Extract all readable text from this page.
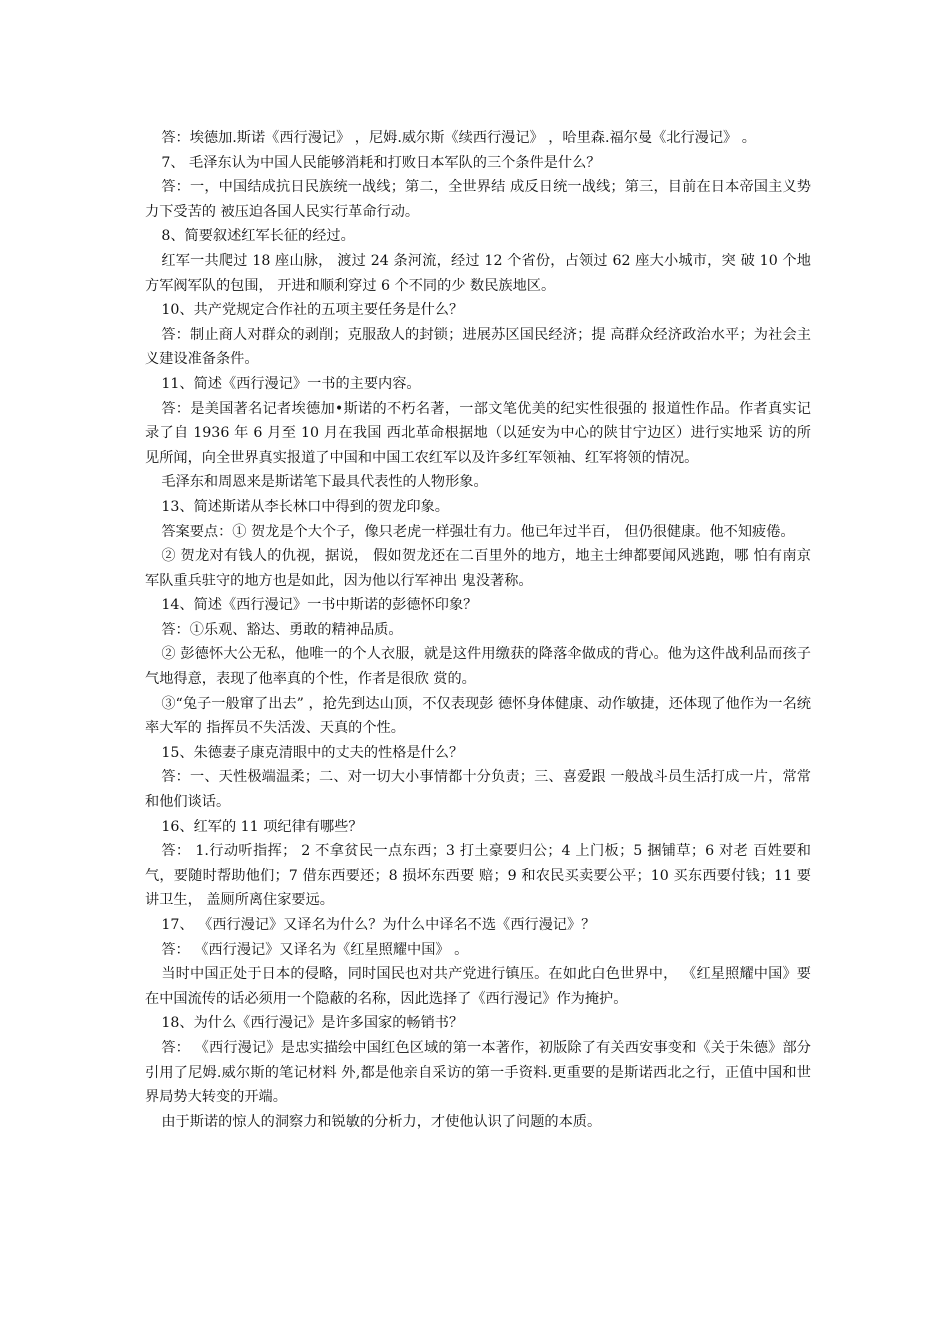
答：埃德加.斯诺《西行漫记》 ，尼姆.威尔斯《续西行漫记》 ，哈里森.福尔曼《北行漫记》 。

7、 毛泽东认为中国人民能够消耗和打败日本军队的三个条件是什么？

答：一，中国结成抗日民族统一战线；第二，全世界结 成反日统一战线；第三，目前在日本帝国主义势力下受苦的 被压迫各国人民实行革命行动。

8、简要叙述红军长征的经过。

红军一共爬过 18 座山脉， 渡过 24 条河流，经过 12 个省份，占领过 62 座大小城市，突 破 10 个地方军阀军队的包围， 开进和顺利穿过 6 个不同的少 数民族地区。

10、共产党规定合作社的五项主要任务是什么？

答：制止商人对群众的剥削；克服敌人的封锁；进展苏区国民经济；提 高群众经济政治水平；为社会主义建设准备条件。

11、简述《西行漫记》一书的主要内容。

答：是美国著名记者埃德加•斯诺的不朽名著，一部文笔优美的纪实性很强的 报道性作品。作者真实记录了自 1936 年 6 月至 10 月在我国 西北革命根据地（以延安为中心的陕甘宁边区）进行实地采 访的所见所闻，向全世界真实报道了中国和中国工农红军以及许多红军领袖、红军将领的情况。

毛泽东和周恩来是斯诺笔下最具代表性的人物形象。

13、简述斯诺从李长林口中得到的贺龙印象。

答案要点：① 贺龙是个大个子，像只老虎一样强壮有力。他已年过半百， 但仍很健康。他不知疲倦。

② 贺龙对有钱人的仇视，据说， 假如贺龙还在二百里外的地方，地主士绅都要闻风逃跑，哪 怕有南京军队重兵驻守的地方也是如此，因为他以行军神出 鬼没著称。

14、简述《西行漫记》一书中斯诺的彭德怀印象？

答：①乐观、豁达、勇敢的精神品质。

② 彭德怀大公无私，他唯一的个人衣服，就是这件用缴获的降落伞做成的背心。他为这件战利品而孩子气地得意，表现了他率真的个性，作者是很欣 赏的。

③“兔子一般窜了出去” ，抢先到达山顶，不仅表现彭 德怀身体健康、动作敏捷，还体现了他作为一名统率大军的 指挥员不失活泼、天真的个性。

15、朱德妻子康克清眼中的丈夫的性格是什么？

答：一、天性极端温柔；二、对一切大小事情都十分负责；三、喜爱跟 一般战斗员生活打成一片，常常和他们谈话。

16、红军的 11 项纪律有哪些？

答： 1.行动听指挥； 2 不拿贫民一点东西；3 打土豪要归公；4 上门板；5 捆铺草；6 对老 百姓要和气，要随时帮助他们；7 借东西要还；8 损坏东西要 赔；9 和农民买卖要公平；10 买东西要付钱；11 要讲卫生， 盖厕所离住家要远。

17、 《西行漫记》又译名为什么？为什么中译名不选《西行漫记》？

答： 《西行漫记》又译名为《红星照耀中国》 。

当时中国正处于日本的侵略，同时国民也对共产党进行镇压。在如此白色世界中， 《红星照耀中国》要在中国流传的话必须用一个隐蔽的名称，因此选择了《西行漫记》作为掩护。

18、为什么《西行漫记》是许多国家的畅销书？

答： 《西行漫记》是忠实描绘中国红色区域的第一本著作，初版除了有关西安事变和《关于朱德》部分引用了尼姆.威尔斯的笔记材料 外,都是他亲自采访的第一手资料.更重要的是斯诺西北之行，正值中国和世界局势大转变的开端。

由于斯诺的惊人的洞察力和锐敏的分析力，才使他认识了问题的本质。
